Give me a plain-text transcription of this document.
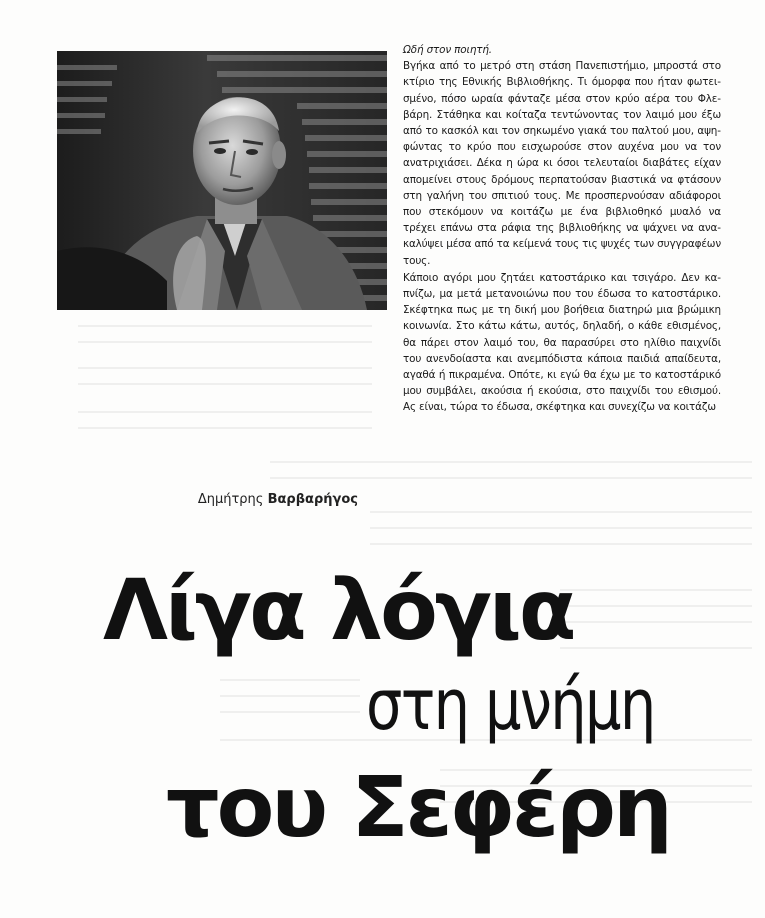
Ωδή στον ποιητή.

Βγήκα από το μετρό στη στάση Πανεπιστήμιο, μπροστά στο κτίριο της Εθνικής Βιβλιοθήκης. Τι όμορφα που ήταν φωτεισμένο, πόσο ωραία φάνταζε μέσα στον κρύο αέρα του Φλεβάρη. Στάθηκα και κοίταζα τεντώνοντας τον λαιμό μου έξω από το κασκόλ και τον σηκωμένο γιακά του παλτού μου, αψηφώντας το κρύο που εισχωρούσε στον αυχένα μου να τον ανατριχιάσει. Δέκα η ώρα κι όσοι τελευταίοι διαβάτες είχαν απομείνει στους δρόμους περπατούσαν βιαστικά να φτάσουν στη γαλήνη του σπιτιού τους. Με προσπερνούσαν αδιάφοροι που στεκόμουν να κοιτάζω με ένα βιβλιοθηκό μυαλό να τρέχει επάνω στα ράφια της βιβλιοθήκης να ψάχνει να ανακαλύψει μέσα από τα κείμενά τους τις ψυχές των συγγραφέων τους.

Κάποιο αγόρι μου ζητάει κατοστάρικο και τσιγάρο. Δεν καπνίζω, μα μετά μετανοιώνω που του έδωσα το κατοστάρικο. Σκέφτηκα πως με τη δική μου βοήθεια διατηρώ μια βρώμικη κοινωνία. Στο κάτω κάτω, αυτός, δηλαδή, ο κάθε εθισμένος, θα πάρει στον λαιμό του, θα παρασύρει στο ηλίθιο παιχνίδι του ανενδοίαστα και ανεμπόδιστα κάποια παιδιά απαίδευτα, αγαθά ή πικραμένα. Οπότε, κι εγώ θα έχω με το κατοστάρικό μου συμβάλει, ακούσια ή εκούσια, στο παιχνίδι του εθισμού. Ας είναι, τώρα το έδωσα, σκέφτηκα και συνεχίζω να κοιτάζω

Δημήτρης Βαρβαρήγος
Λίγα λόγια
στη μνήμη
του Σεφέρη
